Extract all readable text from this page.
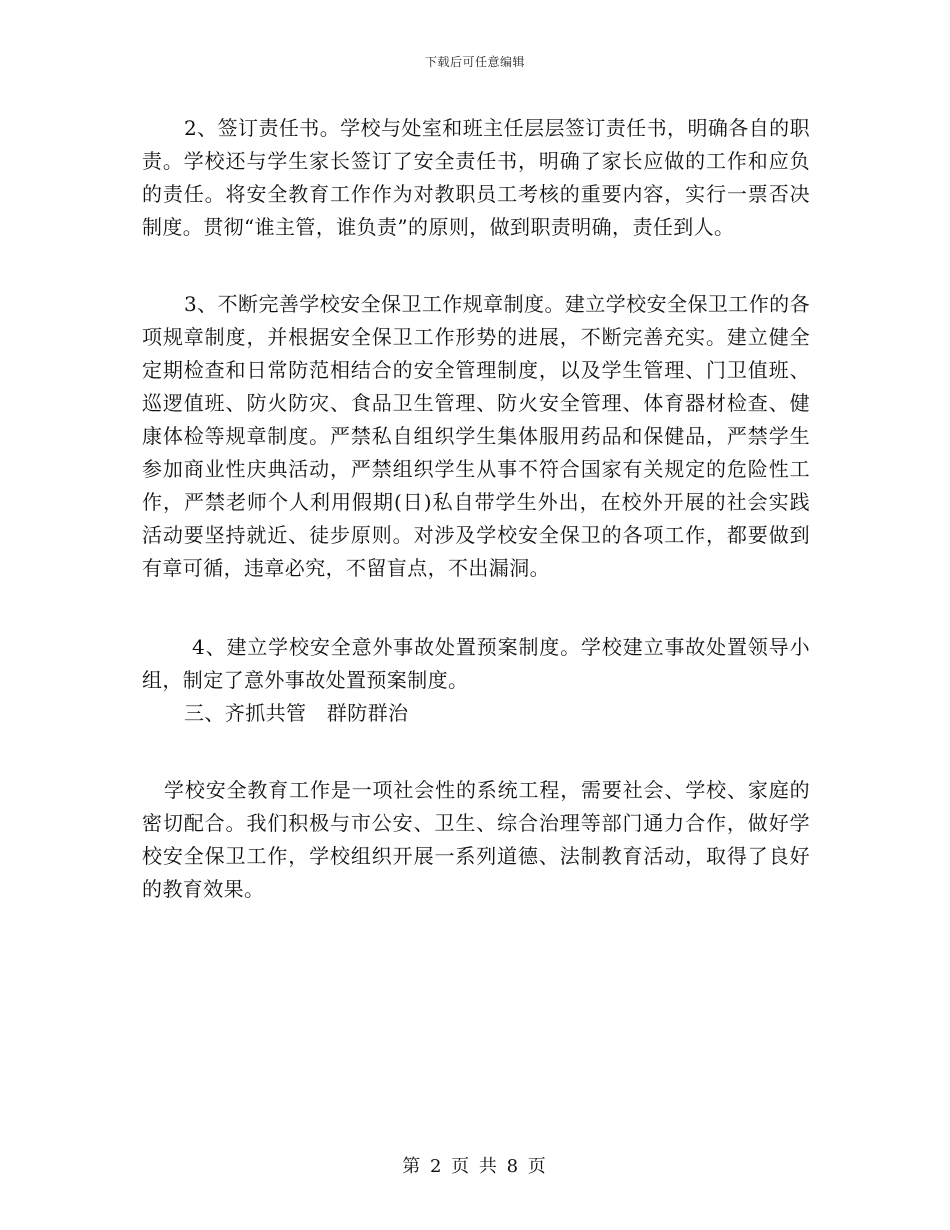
下载后可任意编辑

2、签订责任书。学校与处室和班主任层层签订责任书，明确各自的职责。学校还与学生家长签订了安全责任书，明确了家长应做的工作和应负的责任。将安全教育工作作为对教职员工考核的重要内容，实行一票否决制度。贯彻“谁主管，谁负责”的原则，做到职责明确，责任到人。

3、不断完善学校安全保卫工作规章制度。建立学校安全保卫工作的各项规章制度，并根据安全保卫工作形势的进展，不断完善充实。建立健全定期检查和日常防范相结合的安全管理制度，以及学生管理、门卫值班、巡逻值班、防火防灾、食品卫生管理、防火安全管理、体育器材检查、健康体检等规章制度。严禁私自组织学生集体服用药品和保健品，严禁学生参加商业性庆典活动，严禁组织学生从事不符合国家有关规定的危险性工作，严禁老师个人利用假期(日)私自带学生外出，在校外开展的社会实践活动要坚持就近、徒步原则。对涉及学校安全保卫的各项工作，都要做到有章可循，违章必究，不留盲点，不出漏洞。

4、建立学校安全意外事故处置预案制度。学校建立事故处置领导小组，制定了意外事故处置预案制度。

三、齐抓共管　群防群治

学校安全教育工作是一项社会性的系统工程，需要社会、学校、家庭的密切配合。我们积极与市公安、卫生、综合治理等部门通力合作，做好学校安全保卫工作，学校组织开展一系列道德、法制教育活动，取得了良好的教育效果。

第 2 页 共 8 页
